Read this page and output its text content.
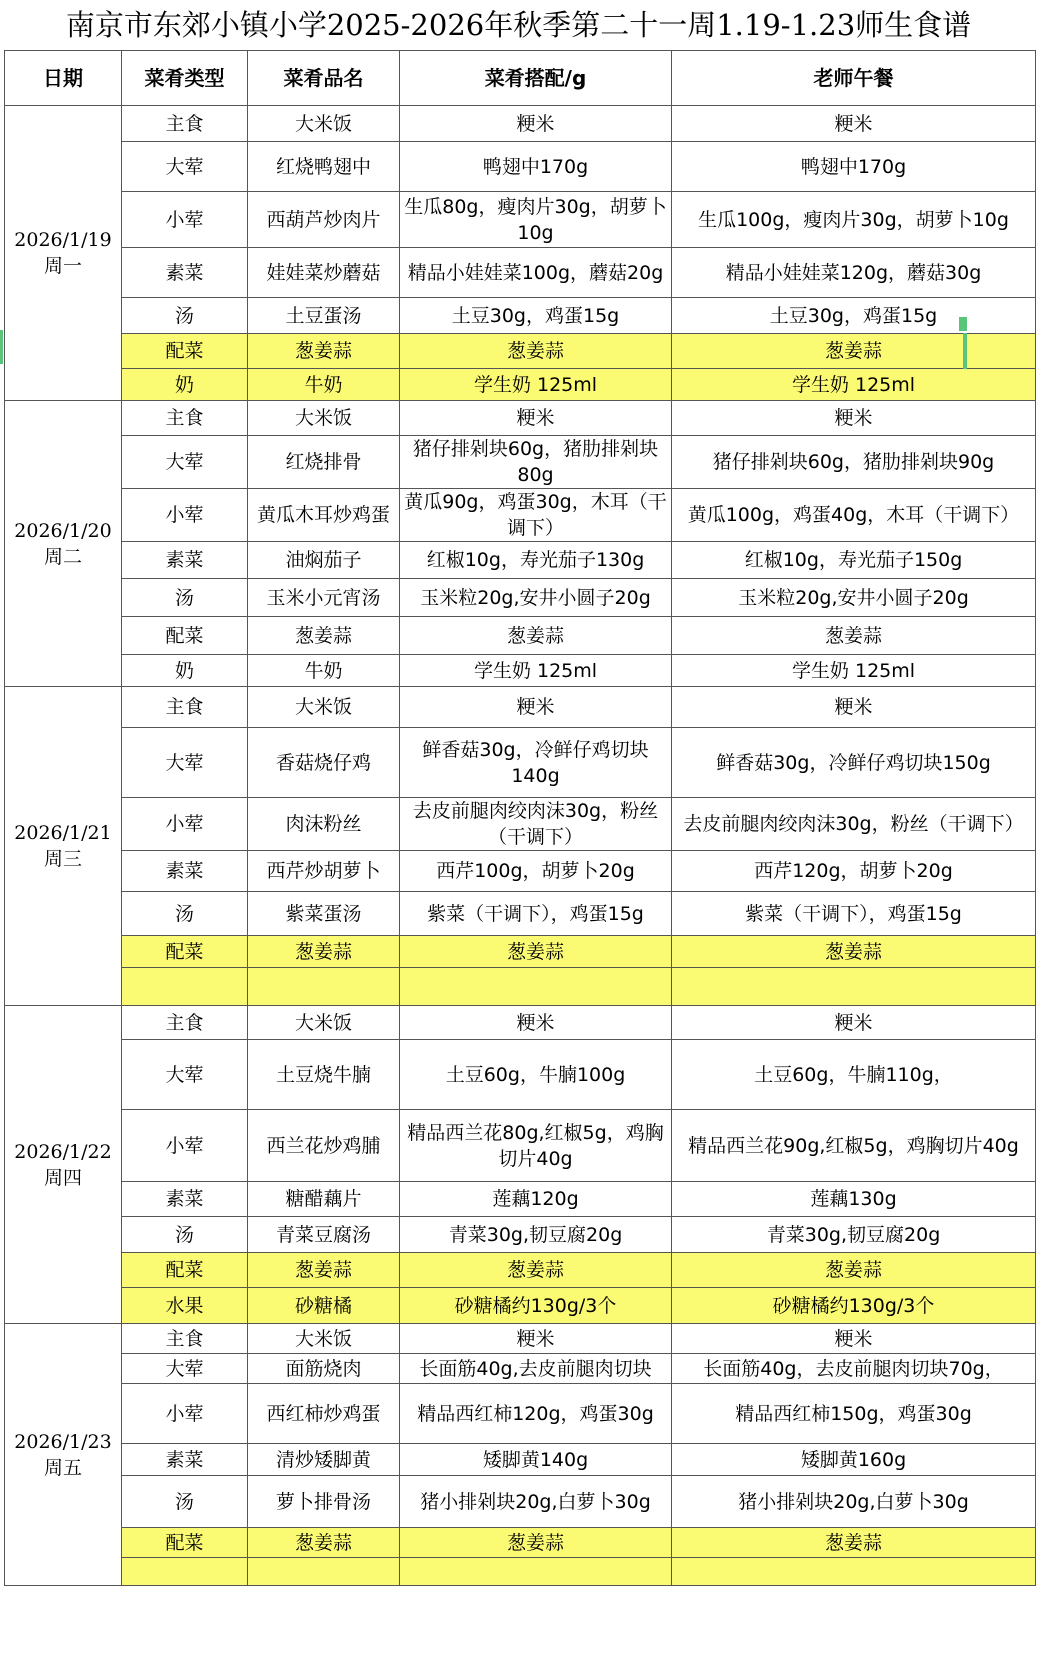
南京市东郊小镇小学2025-2026年秋季第二十一周1.19-1.23师生食谱
日期	菜肴类型	菜肴品名	菜肴搭配/g	老师午餐
2026/1/19 周一	主食	大米饭	粳米	粳米

	大荤	红烧鸭翅中	鸭翅中170g	鸭翅中170g

	小荤	西葫芦炒肉片	生瓜80g，瘦肉片30g，胡萝卜10g	生瓜100g，瘦肉片30g，胡萝卜10g

	素菜	娃娃菜炒蘑菇	精品小娃娃菜100g，蘑菇20g	精品小娃娃菜120g，蘑菇30g

	汤	土豆蛋汤	土豆30g，鸡蛋15g	土豆30g，鸡蛋15g

	配菜	葱姜蒜	葱姜蒜	葱姜蒜

	奶	牛奶	学生奶 125ml	学生奶 125ml

2026/1/20 周二	主食	大米饭	粳米	粳米

	大荤	红烧排骨	猪仔排剁块60g，猪肋排剁块80g	猪仔排剁块60g，猪肋排剁块90g

	小荤	黄瓜木耳炒鸡蛋	黄瓜90g，鸡蛋30g，木耳（干调下）	黄瓜100g，鸡蛋40g，木耳（干调下）

	素菜	油焖茄子	红椒10g，寿光茄子130g	红椒10g，寿光茄子150g

	汤	玉米小元宵汤	玉米粒20g,安井小圆子20g	玉米粒20g,安井小圆子20g

	配菜	葱姜蒜	葱姜蒜	葱姜蒜

	奶	牛奶	学生奶 125ml	学生奶 125ml

2026/1/21 周三	主食	大米饭	粳米	粳米

	大荤	香菇烧仔鸡	鲜香菇30g，冷鲜仔鸡切块140g	鲜香菇30g，冷鲜仔鸡切块150g

	小荤	肉沫粉丝	去皮前腿肉绞肉沫30g，粉丝（干调下）	去皮前腿肉绞肉沫30g，粉丝（干调下）

	素菜	西芹炒胡萝卜	西芹100g，胡萝卜20g	西芹120g，胡萝卜20g

	汤	紫菜蛋汤	紫菜（干调下），鸡蛋15g	紫菜（干调下），鸡蛋15g

	配菜	葱姜蒜	葱姜蒜	葱姜蒜

2026/1/22 周四	主食	大米饭	粳米	粳米

	大荤	土豆烧牛腩	土豆60g，牛腩100g	土豆60g，牛腩110g，

	小荤	西兰花炒鸡脯	精品西兰花80g,红椒5g，鸡胸切片40g	精品西兰花90g,红椒5g，鸡胸切片40g

	素菜	糖醋藕片	莲藕120g	莲藕130g

	汤	青菜豆腐汤	青菜30g,韧豆腐20g	青菜30g,韧豆腐20g

	配菜	葱姜蒜	葱姜蒜	葱姜蒜

	水果	砂糖橘	砂糖橘约130g/3个	砂糖橘约130g/3个

2026/1/23 周五	主食	大米饭	粳米	粳米

	大荤	面筋烧肉	长面筋40g,去皮前腿肉切块	长面筋40g，去皮前腿肉切块70g，

	小荤	西红柿炒鸡蛋	精品西红柿120g，鸡蛋30g	精品西红柿150g，鸡蛋30g

	素菜	清炒矮脚黄	矮脚黄140g	矮脚黄160g

	汤	萝卜排骨汤	猪小排剁块20g,白萝卜30g	猪小排剁块20g,白萝卜30g

	配菜	葱姜蒜	葱姜蒜	葱姜蒜
